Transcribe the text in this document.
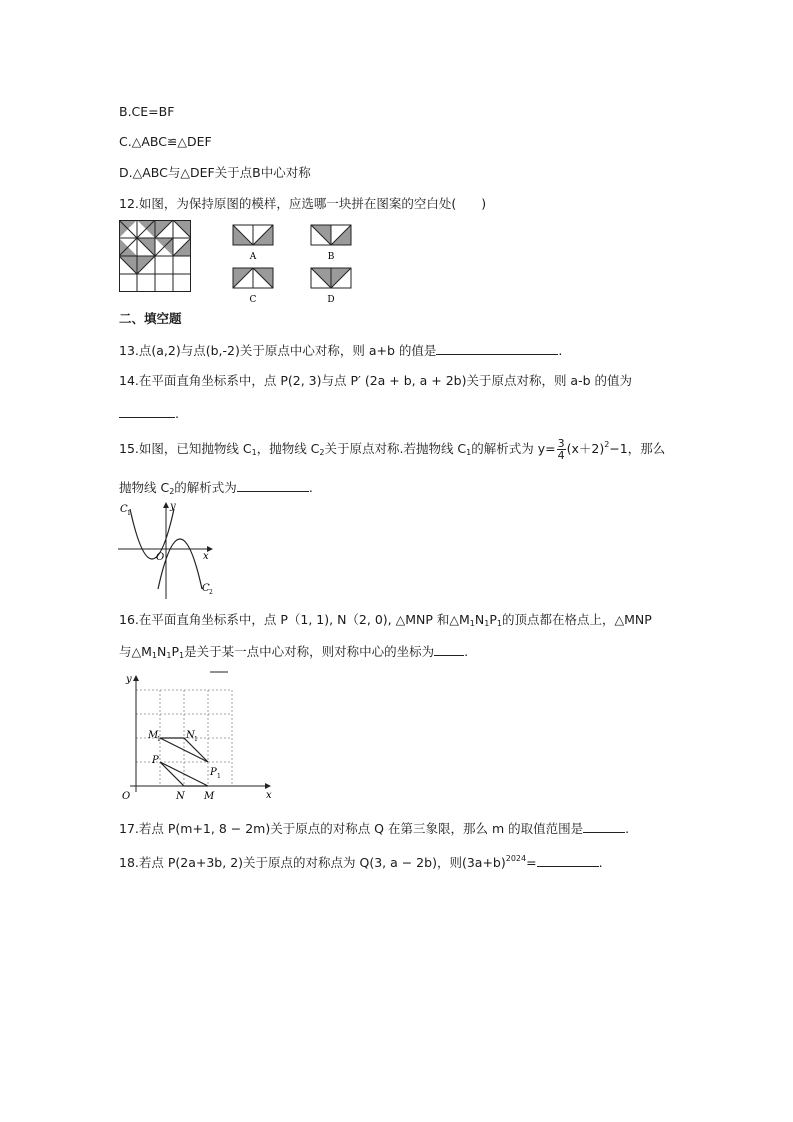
B.CE=BF
C.△ABC≌△DEF
D.△ABC与△DEF关于点B中心对称
12.如图，为保持原图的模样，应选哪一块拼在图案的空白处(　　)
A	B
C	D
二、填空题
13.点(a,2)与点(b,-2)关于原点中心对称，则 a+b 的值是	.
14.在平面直角坐标系中，点 P(2, 3)与点 P′ (2a + b, a + 2b)关于原点对称，则 a-b 的值为
.
15.如图，已知抛物线 $C_1$，抛物线 $C_2$关于原点对称.若抛物线 $C_1$的解析式为 $y= \frac{3}{4} (x+2)^2-1$，那么
抛物线 $C_2$的解析式为	.
C 1
y
x
O
C 2
16.在平面直角坐标系中，点 P（1, 1), N（2, 0), △MNP 和$\triangle M_1N_1P_1$的顶点都在格点上，△MNP
与$\triangle M_1N_1P_1$是关于某一点中心对称，则对称中心的坐标为 .
y
x
O
M
1	N 1
P
P 1
N M
17.若点 P(m+1, 8 − 2m)关于原点的对称点 Q 在第三象限，那么 m 的取值范围是	.
18.若点 P(2a+3b, 2)关于原点的对称点为 Q(3, a − 2b)，则$(3a+b)^{2024}=$	.
